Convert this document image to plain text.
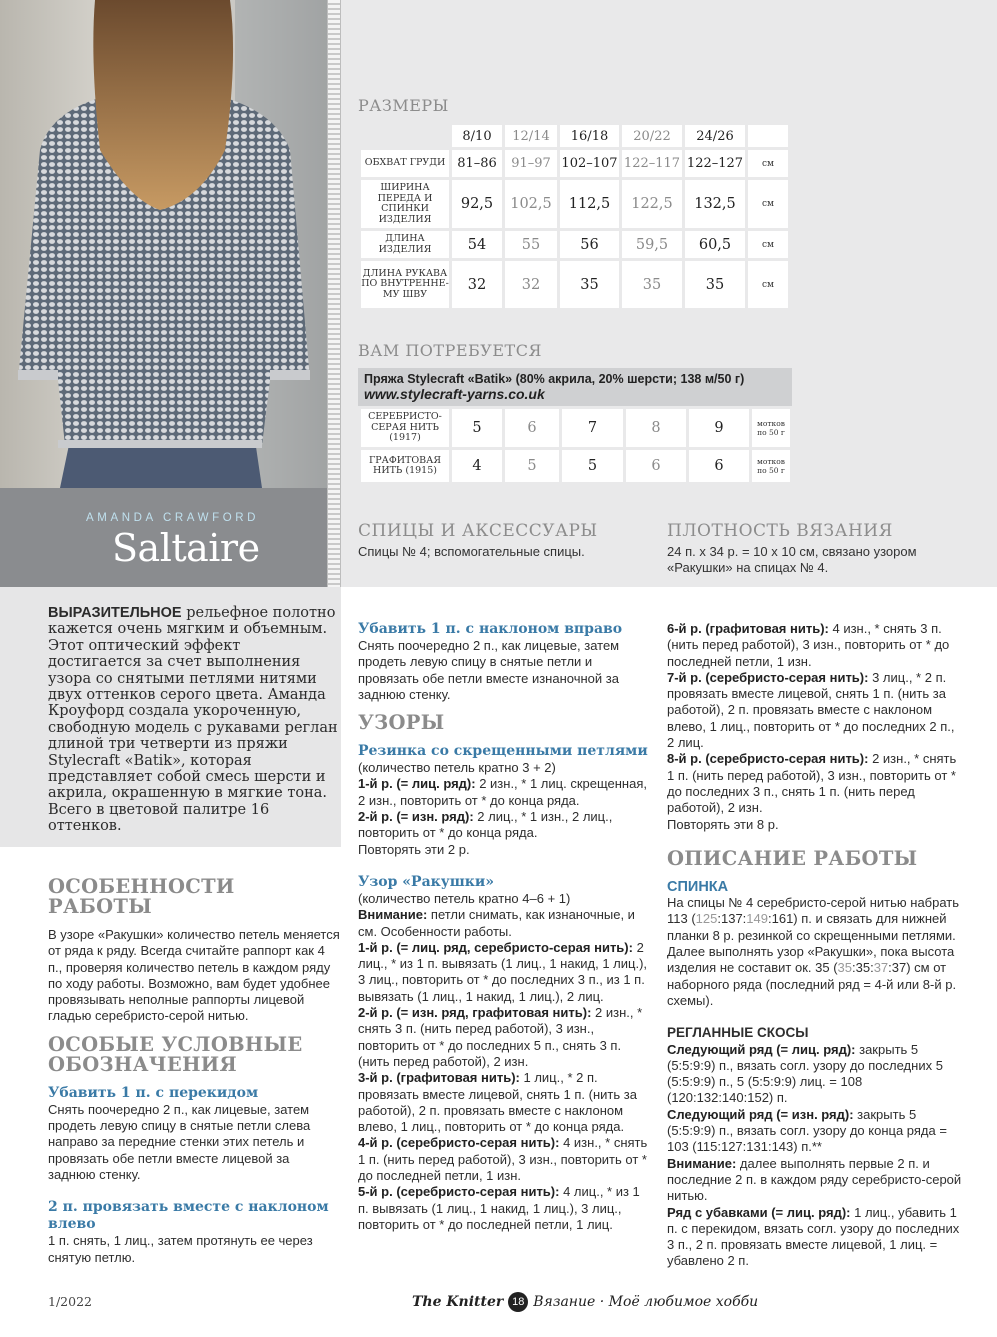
AMANDA CRAWFORD
Saltaire
РАЗМЕРЫ
8/10 12/14 16/18 20/22 24/26
ОБХВАТ ГРУДИ 81–86 91–97 102–107 122–117 122–127 см
ШИРИНА ПЕРЕДА И СПИНКИ ИЗДЕЛИЯ
92,5 102,5 112,5 122,5 132,5	см
ДЛИНА ИЗДЕЛИЯ	54 55	56	59,5 60,5	см
ДЛИНА РУКАВА ПО ВНУТРЕННЕ- МУ ШВУ
32 32	35	35	35	см
ВАМ ПОТРЕБУЕТСЯ
Пряжа Stylecraft «Batik» (80% акрила, 20% шерсти; 138 м/50 г)
www.stylecraft-yarns.co.uk
СЕРЕБРИСТО- СЕРАЯ НИТЬ (1917)
5	6	7	8	9	мотков по 50 г
ГРАФИТОВАЯ НИТЬ (1915)	4	5	5	6	6	мотков по 50 г
СПИЦЫ И АКСЕССУАРЫ
Спицы № 4; вспомогательные спицы.
ПЛОТНОСТЬ ВЯЗАНИЯ
24 п. x 34 р. = 10 x 10 см, связано узором
«Ракушки» на спицах № 4.

ВЫРАЗИТЕЛЬНОЕ рельефное полотно кажется очень мягким и объемным. Этот оптический эффект достигается за счет выполнения узора со снятыми петлями нитями двух оттенков серого цвета. Аманда Кроуфорд создала укороченную, свободную модель с рукавами реглан длиной три четверти из пряжи Stylecraft «Batik», которая представляет собой смесь шерсти и акрила, окрашенную в мягкие тона. Всего в цветовой палитре 16 оттенков.

ОСОБЕННОСТИ
РАБОТЫ

В узоре «Ракушки» количество петель меняется от ряда к ряду. Всегда считайте раппорт как 4 п., проверяя количество петель в каждом ряду по ходу работы. Возможно, вам будет удобнее провязывать неполные раппорты лицевой гладью серебристо-серой нитью.

ОСОБЫЕ УСЛОВНЫЕ
ОБОЗНАЧЕНИЯ
Убавить 1 п. с перекидом

Снять поочередно 2 п., как лицевые, затем продеть левую спицу в снятые петли слева направо за передние стенки этих петель и провязать обе петли вместе лицевой за заднюю стенку.

2 п. провязать вместе с наклоном влево

1 п. снять, 1 лиц., затем протянуть ее через снятую петлю.

Убавить 1 п. с наклоном вправо

Снять поочередно 2 п., как лицевые, затем продеть левую спицу в снятые петли и провязать обе петли вместе изнаночной за заднюю стенку.

УЗОРЫ
Резинка со скрещенными петлями

(количество петель кратно 3 + 2)

1-й р. (= лиц. ряд): 2 изн., * 1 лиц. скрещенная, 2 изн., повторить от * до конца ряда.

2-й р. (= изн. ряд): 2 лиц., * 1 изн., 2 лиц., повторить от * до конца ряда.

Повторять эти 2 р.

Узор «Ракушки»

(количество петель кратно 4–6 + 1)

Внимание: петли снимать, как изнаночные, и см. Особенности работы.

1-й р. (= лиц. ряд, серебристо-серая нить): 2 лиц., * из 1 п. вывязать (1 лиц., 1 накид, 1 лиц.), 3 лиц., повторить от * до последних 3 п., из 1 п. вывязать (1 лиц., 1 накид, 1 лиц.), 2 лиц.

2-й р. (= изн. ряд, графитовая нить): 2 изн., * снять 3 п. (нить перед работой), 3 изн., повторить от * до последних 5 п., снять 3 п. (нить перед работой), 2 изн.

3-й р. (графитовая нить): 1 лиц., * 2 п. провязать вместе лицевой, снять 1 п. (нить за работой), 2 п. провязать вместе с наклоном влево, 1 лиц., повторить от * до конца ряда.

4-й р. (серебристо-серая нить): 4 изн., * снять 1 п. (нить перед работой), 3 изн., повторить от * до последней петли, 1 изн.

5-й р. (серебристо-серая нить): 4 лиц., * из 1 п. вывязать (1 лиц., 1 накид, 1 лиц.), 3 лиц., повторить от * до последней петли, 1 лиц.

6-й р. (графитовая нить): 4 изн., * снять 3 п. (нить перед работой), 3 изн., повторить от * до последней петли, 1 изн.

7-й р. (серебристо-серая нить): 3 лиц., * 2 п. провязать вместе лицевой, снять 1 п. (нить за работой), 2 п. провязать вместе с наклоном влево, 1 лиц., повторить от * до последних 2 п., 2 лиц.

8-й р. (серебристо-серая нить): 2 изн., * снять 1 п. (нить перед работой), 3 изн., повторить от * до последних 3 п., снять 1 п. (нить перед работой), 2 изн.

Повторять эти 8 р.

ОПИСАНИЕ РАБОТЫ
СПИНКА

На спицы № 4 серебристо-серой нитью набрать 113 (125:137:149:161) п. и связать для нижней планки 8 р. резинкой со скрещенными петлями.

Далее выполнять узор «Ракушки», пока высота изделия не составит ок. 35 (35:35:37:37) см от наборного ряда (последний ряд = 4-й или 8-й р. схемы).

РЕГЛАННЫЕ СКОСЫ

Следующий ряд (= лиц. ряд): закрыть 5 (5:5:9:9) п., вязать согл. узору до последних 5 (5:5:9:9) п., 5 (5:5:9:9) лиц. = 108 (120:132:140:152) п.

Следующий ряд (= изн. ряд): закрыть 5 (5:5:9:9) п., вязать согл. узору до конца ряда = 103 (115:127:131:143) п.**

Внимание: далее выполнять первые 2 п. и последние 2 п. в каждом ряду серебристо-серой нитью.

Ряд с убавками (= лиц. ряд): 1 лиц., убавить 1 п. с перекидом, вязать согл. узору до последних 3 п., 2 п. провязать вместе лицевой, 1 лиц. = убавлено 2 п.

1/2022	The Knitter 18 Вязание · Моё любимое хобби
